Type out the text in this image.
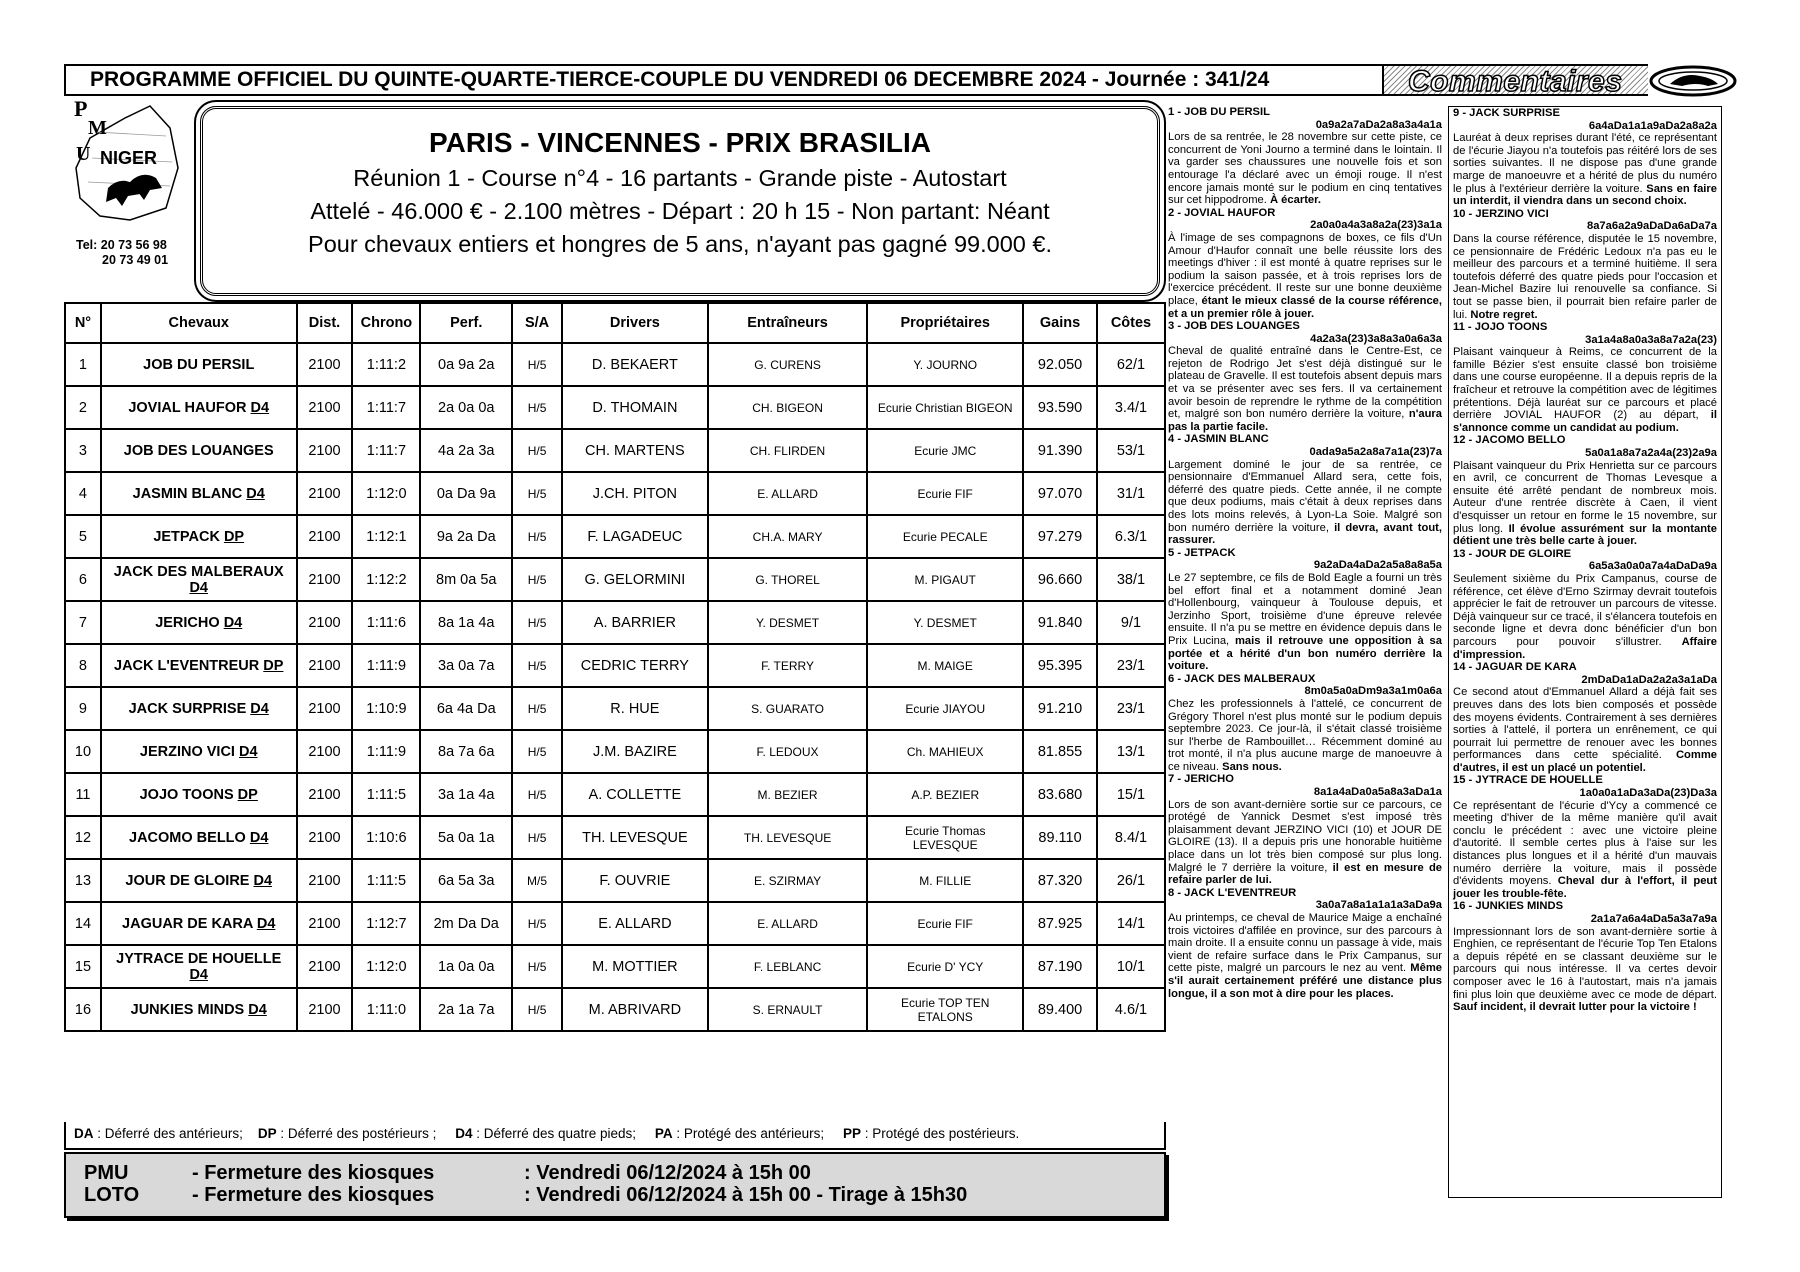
PROGRAMME OFFICIEL DU QUINTE-QUARTE-TIERCE-COUPLE DU VENDREDI 06 DECEMBRE 2024 - Journée : 341/24	Commentaires
P
M
U NIGER
Tel: 20 73 56 98
20 73 49 01
PARIS - VINCENNES - PRIX BRASILIA
Réunion 1 - Course n°4 - 16 partants - Grande piste - Autostart
Attelé - 46.000 € - 2.100 mètres - Départ : 20 h 15 - Non partant: Néant
Pour chevaux entiers et hongres de 5 ans, n'ayant pas gagné 99.000 €.
N°	Chevaux	Dist.	Chrono	Perf.	S/A	Drivers	Entraîneurs	Propriétaires	Gains	Côtes
1	JOB DU PERSIL	2100	1:11:2	0a 9a 2a	H/5	D. BEKAERT	G. CURENS	Y. JOURNO	92.050	62/1
2	JOVIAL HAUFOR D4	2100	1:11:7	2a 0a 0a	H/5	D. THOMAIN	CH. BIGEON	Ecurie Christian BIGEON	93.590	3.4/1
3	JOB DES LOUANGES	2100	1:11:7	4a 2a 3a	H/5	CH. MARTENS	CH. FLIRDEN	Ecurie JMC	91.390	53/1
4	JASMIN BLANC D4	2100	1:12:0	0a Da 9a	H/5	J.CH. PITON	E. ALLARD	Ecurie FIF	97.070	31/1
5	JETPACK DP	2100	1:12:1	9a 2a Da	H/5	F. LAGADEUC	CH.A. MARY	Ecurie PECALE	97.279	6.3/1
6	JACK DES MALBERAUX D4	2100	1:12:2	8m 0a 5a	H/5	G. GELORMINI	G. THOREL	M. PIGAUT	96.660	38/1
7	JERICHO D4	2100	1:11:6	8a 1a 4a	H/5	A. BARRIER	Y. DESMET	Y. DESMET	91.840	9/1
8	JACK L'EVENTREUR DP	2100	1:11:9	3a 0a 7a	H/5	CEDRIC TERRY	F. TERRY	M. MAIGE	95.395	23/1
9	JACK SURPRISE D4	2100	1:10:9	6a 4a Da	H/5	R. HUE	S. GUARATO	Ecurie JIAYOU	91.210	23/1
10	JERZINO VICI D4	2100	1:11:9	8a 7a 6a	H/5	J.M. BAZIRE	F. LEDOUX	Ch. MAHIEUX	81.855	13/1
11	JOJO TOONS DP	2100	1:11:5	3a 1a 4a	H/5	A. COLLETTE	M. BEZIER	A.P. BEZIER	83.680	15/1
12	JACOMO BELLO D4	2100	1:10:6	5a 0a 1a	H/5	TH. LEVESQUE	TH. LEVESQUE	Ecurie Thomas LEVESQUE	89.110	8.4/1
13	JOUR DE GLOIRE D4	2100	1:11:5	6a 5a 3a	M/5	F. OUVRIE	E. SZIRMAY	M. FILLIE	87.320	26/1
14	JAGUAR DE KARA D4	2100	1:12:7	2m Da Da	H/5	E. ALLARD	E. ALLARD	Ecurie FIF	87.925	14/1
15	JYTRACE DE HOUELLE D4	2100	1:12:0	1a 0a 0a	H/5	M. MOTTIER	F. LEBLANC	Ecurie D' YCY	87.190	10/1
16	JUNKIES MINDS D4	2100	1:11:0	2a 1a 7a	H/5	M. ABRIVARD	S. ERNAULT	Ecurie TOP TEN ETALONS	89.400	4.6/1
DA : Déferré des antérieurs; DP : Déferré des postérieurs ; D4 : Déferré des quatre pieds; PA : Protégé des antérieurs; PP : Protégé des postérieurs.
PMU	- Fermeture des kiosques	: Vendredi 06/12/2024 à 15h 00
LOTO	- Fermeture des kiosques	: Vendredi 06/12/2024 à 15h 00 - Tirage à 15h30

1 - JOB DU PERSIL

0a9a2a7aDa2a8a3a4a1a

Lors de sa rentrée, le 28 novembre sur cette piste, ce concurrent de Yoni Journo a terminé dans le lointain. Il va garder ses chaussures une nouvelle fois et son entourage l'a déclaré avec un émoji rouge. Il n'est encore jamais monté sur le podium en cinq tentatives sur cet hippodrome. À écarter.

2 - JOVIAL HAUFOR

2a0a0a4a3a8a2a(23)3a1a

À l'image de ses compagnons de boxes, ce fils d'Un Amour d'Haufor connaît une belle réussite lors des meetings d'hiver : il est monté à quatre reprises sur le podium la saison passée, et à trois reprises lors de l'exercice précédent. Il reste sur une bonne deuxième place, étant le mieux classé de la course référence, et a un premier rôle à jouer.

3 - JOB DES LOUANGES

4a2a3a(23)3a8a3a0a6a3a

Cheval de qualité entraîné dans le Centre-Est, ce rejeton de Rodrigo Jet s'est déjà distingué sur le plateau de Gravelle. Il est toutefois absent depuis mars et va se présenter avec ses fers. Il va certainement avoir besoin de reprendre le rythme de la compétition et, malgré son bon numéro derrière la voiture, n'aura pas la partie facile.

4 - JASMIN BLANC

0ada9a5a2a8a7a1a(23)7a

Largement dominé le jour de sa rentrée, ce pensionnaire d'Emmanuel Allard sera, cette fois, déferré des quatre pieds. Cette année, il ne compte que deux podiums, mais c'était à deux reprises dans des lots moins relevés, à Lyon-La Soie. Malgré son bon numéro derrière la voiture, il devra, avant tout, rassurer.

5 - JETPACK

9a2aDa4aDa2a5a8a8a5a

Le 27 septembre, ce fils de Bold Eagle a fourni un très bel effort final et a notamment dominé Jean d'Hollenbourg, vainqueur à Toulouse depuis, et Jerzinho Sport, troisième d'une épreuve relevée ensuite. Il n'a pu se mettre en évidence depuis dans le Prix Lucina, mais il retrouve une opposition à sa portée et a hérité d'un bon numéro derrière la voiture.

6 - JACK DES MALBERAUX

8m0a5a0aDm9a3a1m0a6a

Chez les professionnels à l'attelé, ce concurrent de Grégory Thorel n'est plus monté sur le podium depuis septembre 2023. Ce jour-là, il s'était classé troisième sur l'herbe de Rambouillet… Récemment dominé au trot monté, il n'a plus aucune marge de manoeuvre à ce niveau. Sans nous.

7 - JERICHO

8a1a4aDa0a5a8a3aDa1a

Lors de son avant-dernière sortie sur ce parcours, ce protégé de Yannick Desmet s'est imposé très plaisamment devant JERZINO VICI (10) et JOUR DE GLOIRE (13). Il a depuis pris une honorable huitième place dans un lot très bien composé sur plus long. Malgré le 7 derrière la voiture, il est en mesure de refaire parler de lui.

8 - JACK L'EVENTREUR

3a0a7a8a1a1a1a3aDa9a

Au printemps, ce cheval de Maurice Maige a enchaîné trois victoires d'affilée en province, sur des parcours à main droite. Il a ensuite connu un passage à vide, mais vient de refaire surface dans le Prix Campanus, sur cette piste, malgré un parcours le nez au vent. Même s'il aurait certainement préféré une distance plus longue, il a son mot à dire pour les places.

9 - JACK SURPRISE

6a4aDa1a1a9aDa2a8a2a

Lauréat à deux reprises durant l'été, ce représentant de l'écurie Jiayou n'a toutefois pas réitéré lors de ses sorties suivantes. Il ne dispose pas d'une grande marge de manoeuvre et a hérité de plus du numéro le plus à l'extérieur derrière la voiture. Sans en faire un interdit, il viendra dans un second choix.

10 - JERZINO VICI

8a7a6a2a9aDaDa6aDa7a

Dans la course référence, disputée le 15 novembre, ce pensionnaire de Frédéric Ledoux n'a pas eu le meilleur des parcours et a terminé huitième. Il sera toutefois déferré des quatre pieds pour l'occasion et Jean-Michel Bazire lui renouvelle sa confiance. Si tout se passe bien, il pourrait bien refaire parler de lui. Notre regret.

11 - JOJO TOONS

3a1a4a8a0a3a8a7a2a(23)

Plaisant vainqueur à Reims, ce concurrent de la famille Bézier s'est ensuite classé bon troisième dans une course européenne. Il a depuis repris de la fraîcheur et retrouve la compétition avec de légitimes prétentions. Déjà lauréat sur ce parcours et placé derrière JOVIAL HAUFOR (2) au départ, il s'annonce comme un candidat au podium.

12 - JACOMO BELLO

5a0a1a8a7a2a4a(23)2a9a

Plaisant vainqueur du Prix Henrietta sur ce parcours en avril, ce concurrent de Thomas Levesque a ensuite été arrêté pendant de nombreux mois. Auteur d'une rentrée discrète à Caen, il vient d'esquisser un retour en forme le 15 novembre, sur plus long. Il évolue assurément sur la montante détient une très belle carte à jouer.

13 - JOUR DE GLOIRE

6a5a3a0a0a7a4aDaDa9a

Seulement sixième du Prix Campanus, course de référence, cet élève d'Erno Szirmay devrait toutefois apprécier le fait de retrouver un parcours de vitesse. Déjà vainqueur sur ce tracé, il s'élancera toutefois en seconde ligne et devra donc bénéficier d'un bon parcours pour pouvoir s'illustrer. Affaire d'impression.

14 - JAGUAR DE KARA

2mDaDa1aDa2a2a3a1aDa

Ce second atout d'Emmanuel Allard a déjà fait ses preuves dans des lots bien composés et possède des moyens évidents. Contrairement à ses dernières sorties à l'attelé, il portera un enrênement, ce qui pourrait lui permettre de renouer avec les bonnes performances dans cette spécialité. Comme d'autres, il est un placé un potentiel.

15 - JYTRACE DE HOUELLE

1a0a0a1aDa3aDa(23)Da3a

Ce représentant de l'écurie d'Ycy a commencé ce meeting d'hiver de la même manière qu'il avait conclu le précédent : avec une victoire pleine d'autorité. Il semble certes plus à l'aise sur les distances plus longues et il a hérité d'un mauvais numéro derrière la voiture, mais il possède d'évidents moyens. Cheval dur à l'effort, il peut jouer les trouble-fête.

16 - JUNKIES MINDS

2a1a7a6a4aDa5a3a7a9a

Impressionnant lors de son avant-dernière sortie à Enghien, ce représentant de l'écurie Top Ten Etalons a depuis répété en se classant deuxième sur le parcours qui nous intéresse. Il va certes devoir composer avec le 16 à l'autostart, mais n'a jamais fini plus loin que deuxième avec ce mode de départ. Sauf incident, il devrait lutter pour la victoire !
